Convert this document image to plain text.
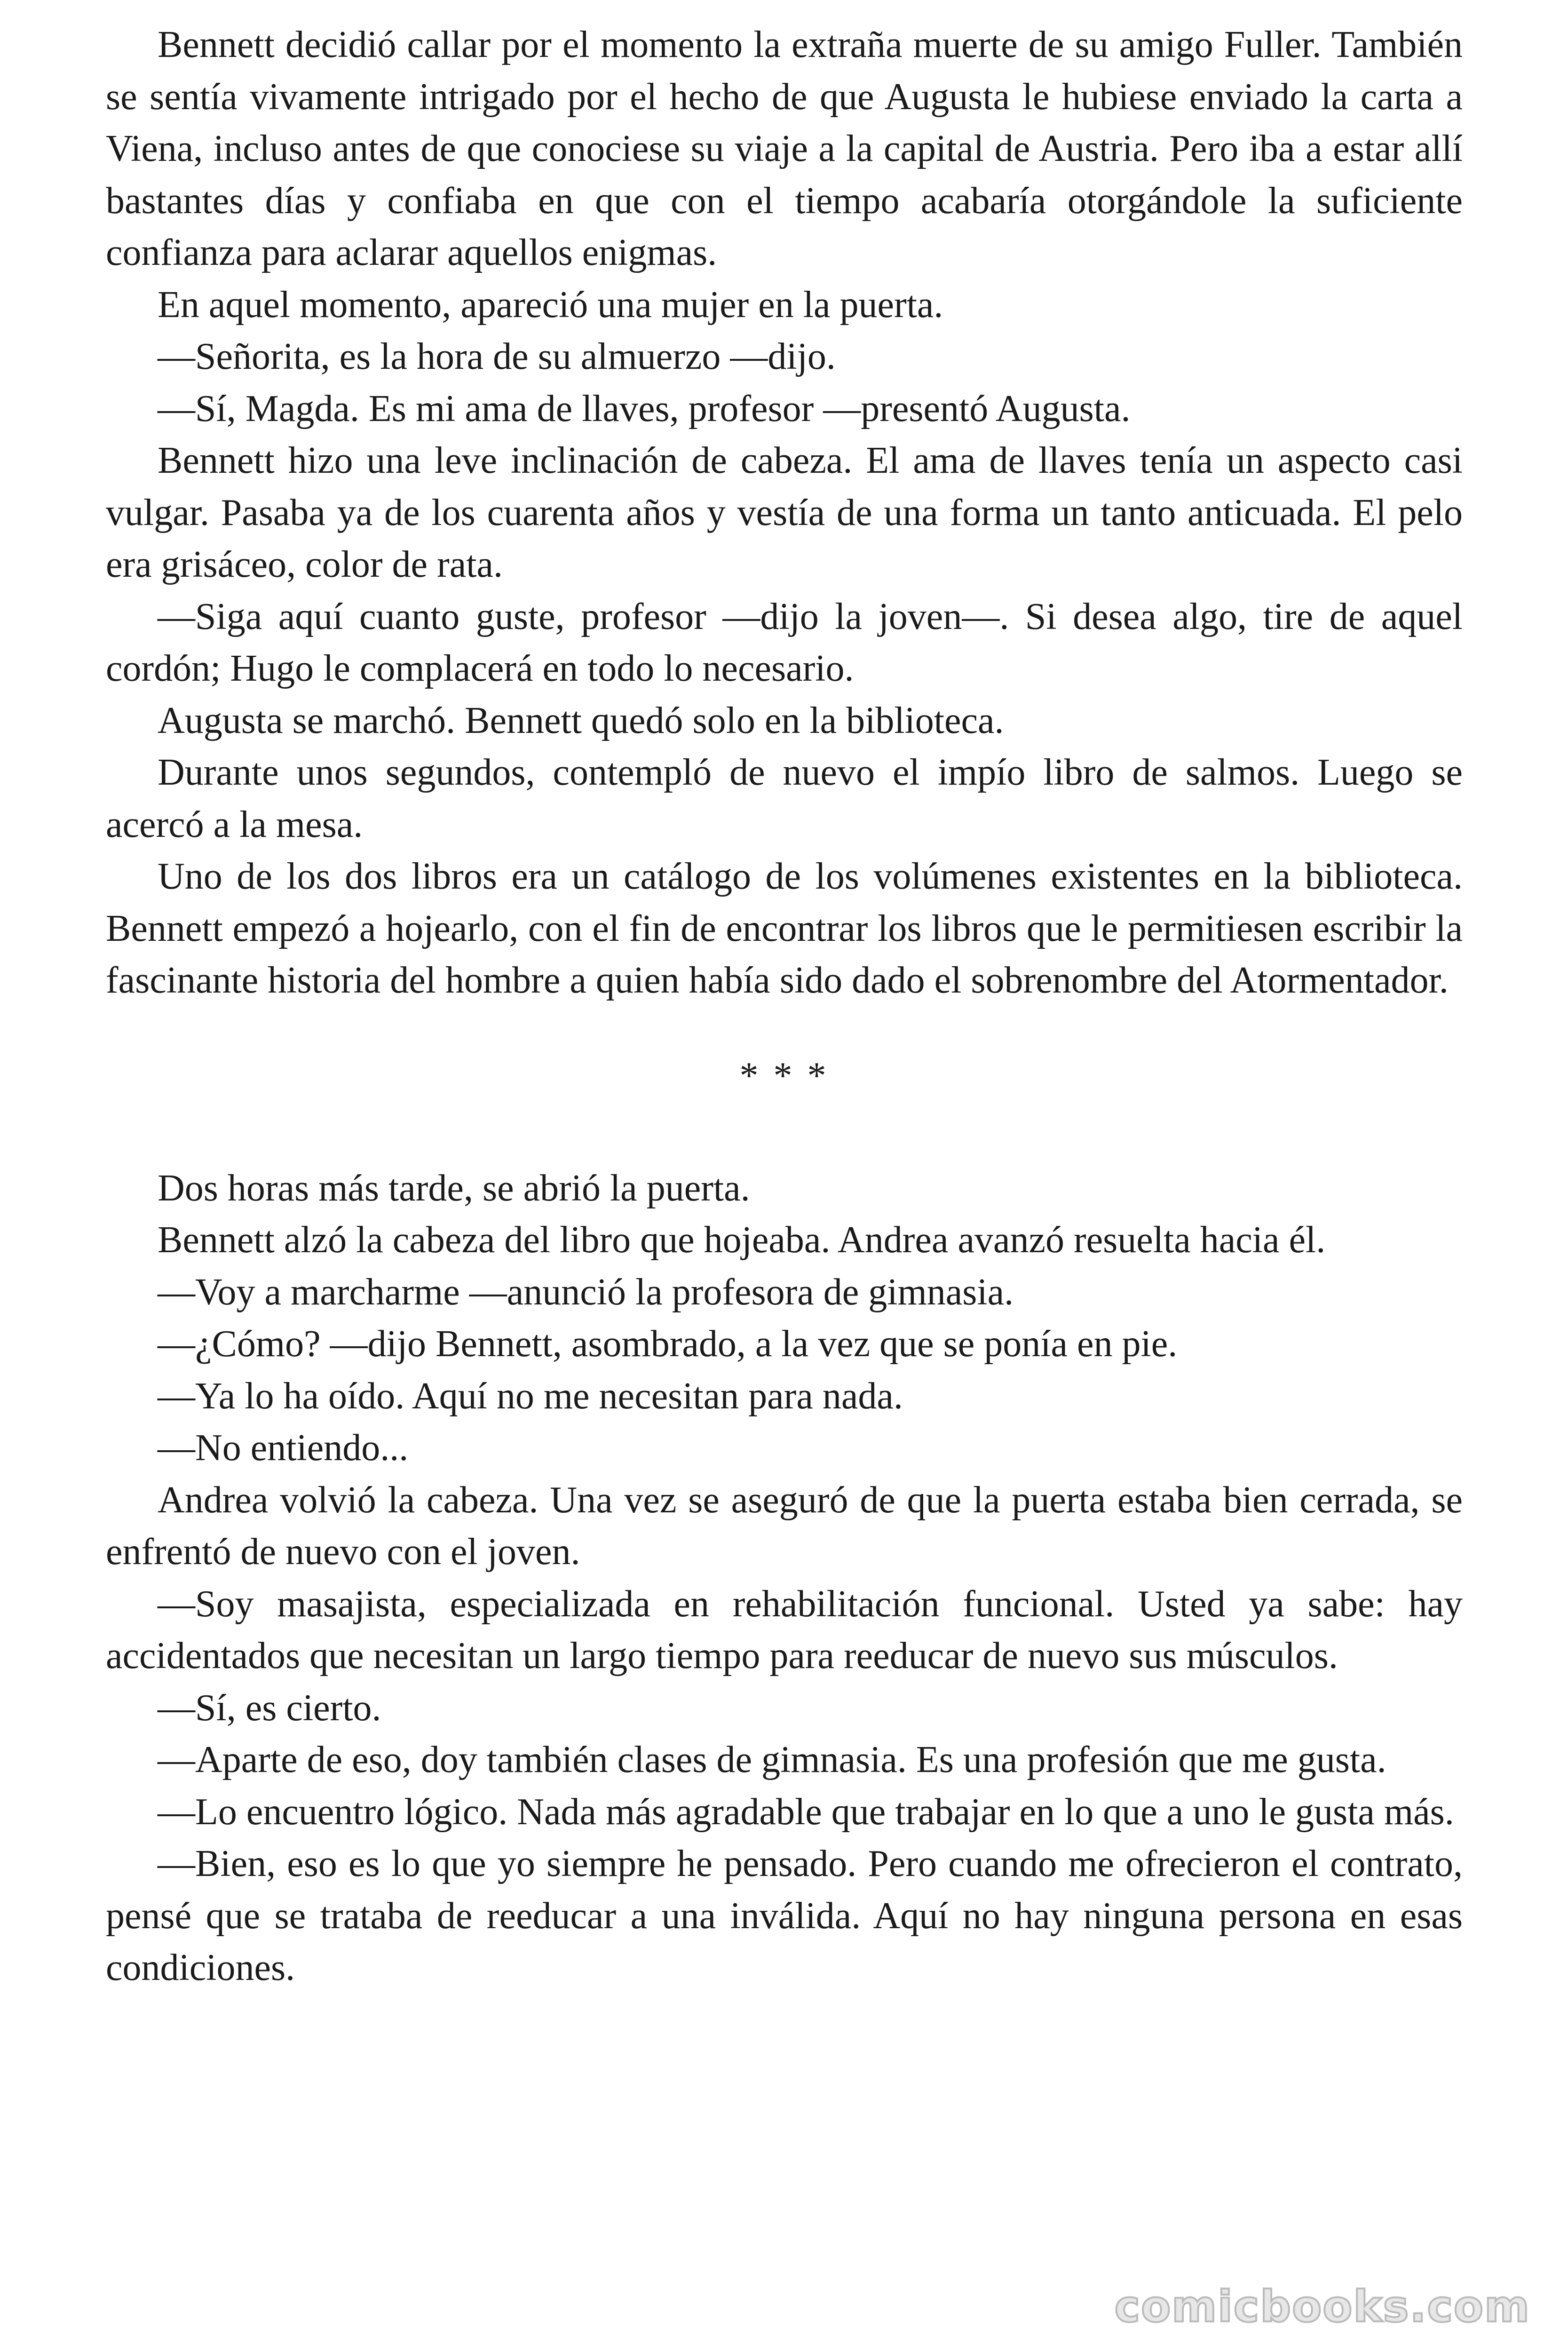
Bennett decidió callar por el momento la extraña muerte de su amigo Fuller. También se sentía vivamente intrigado por el hecho de que Augusta le hubiese enviado la carta a Viena, incluso antes de que conociese su viaje a la capital de Austria. Pero iba a estar allí bastantes días y confiaba en que con el tiempo acabaría otorgándole la suficiente confianza para aclarar aquellos enigmas.

En aquel momento, apareció una mujer en la puerta.

—Señorita, es la hora de su almuerzo —dijo.

—Sí, Magda. Es mi ama de llaves, profesor —presentó Augusta.

Bennett hizo una leve inclinación de cabeza. El ama de llaves tenía un aspecto casi vulgar. Pasaba ya de los cuarenta años y vestía de una forma un tanto anticuada. El pelo era grisáceo, color de rata.

—Siga aquí cuanto guste, profesor —dijo la joven—. Si desea algo, tire de aquel cordón; Hugo le complacerá en todo lo necesario.

Augusta se marchó. Bennett quedó solo en la biblioteca.

Durante unos segundos, contempló de nuevo el impío libro de salmos. Luego se acercó a la mesa.

Uno de los dos libros era un catálogo de los volúmenes existentes en la biblioteca. Bennett empezó a hojearlo, con el fin de encontrar los libros que le permitiesen escribir la fascinante historia del hombre a quien había sido dado el sobrenombre del Atormentador.

* * *

Dos horas más tarde, se abrió la puerta.

Bennett alzó la cabeza del libro que hojeaba. Andrea avanzó resuelta hacia él.

—Voy a marcharme —anunció la profesora de gimnasia.

—¿Cómo? —dijo Bennett, asombrado, a la vez que se ponía en pie.

—Ya lo ha oído. Aquí no me necesitan para nada.

—No entiendo...

Andrea volvió la cabeza. Una vez se aseguró de que la puerta estaba bien cerrada, se enfrentó de nuevo con el joven.

—Soy masajista, especializada en rehabilitación funcional. Usted ya sabe: hay accidentados que necesitan un largo tiempo para reeducar de nuevo sus músculos.

—Sí, es cierto.

—Aparte de eso, doy también clases de gimnasia. Es una profesión que me gusta.

—Lo encuentro lógico. Nada más agradable que trabajar en lo que a uno le gusta más.

—Bien, eso es lo que yo siempre he pensado. Pero cuando me ofrecieron el contrato, pensé que se trataba de reeducar a una inválida. Aquí no hay ninguna persona en esas condiciones.

comicbooks.com
